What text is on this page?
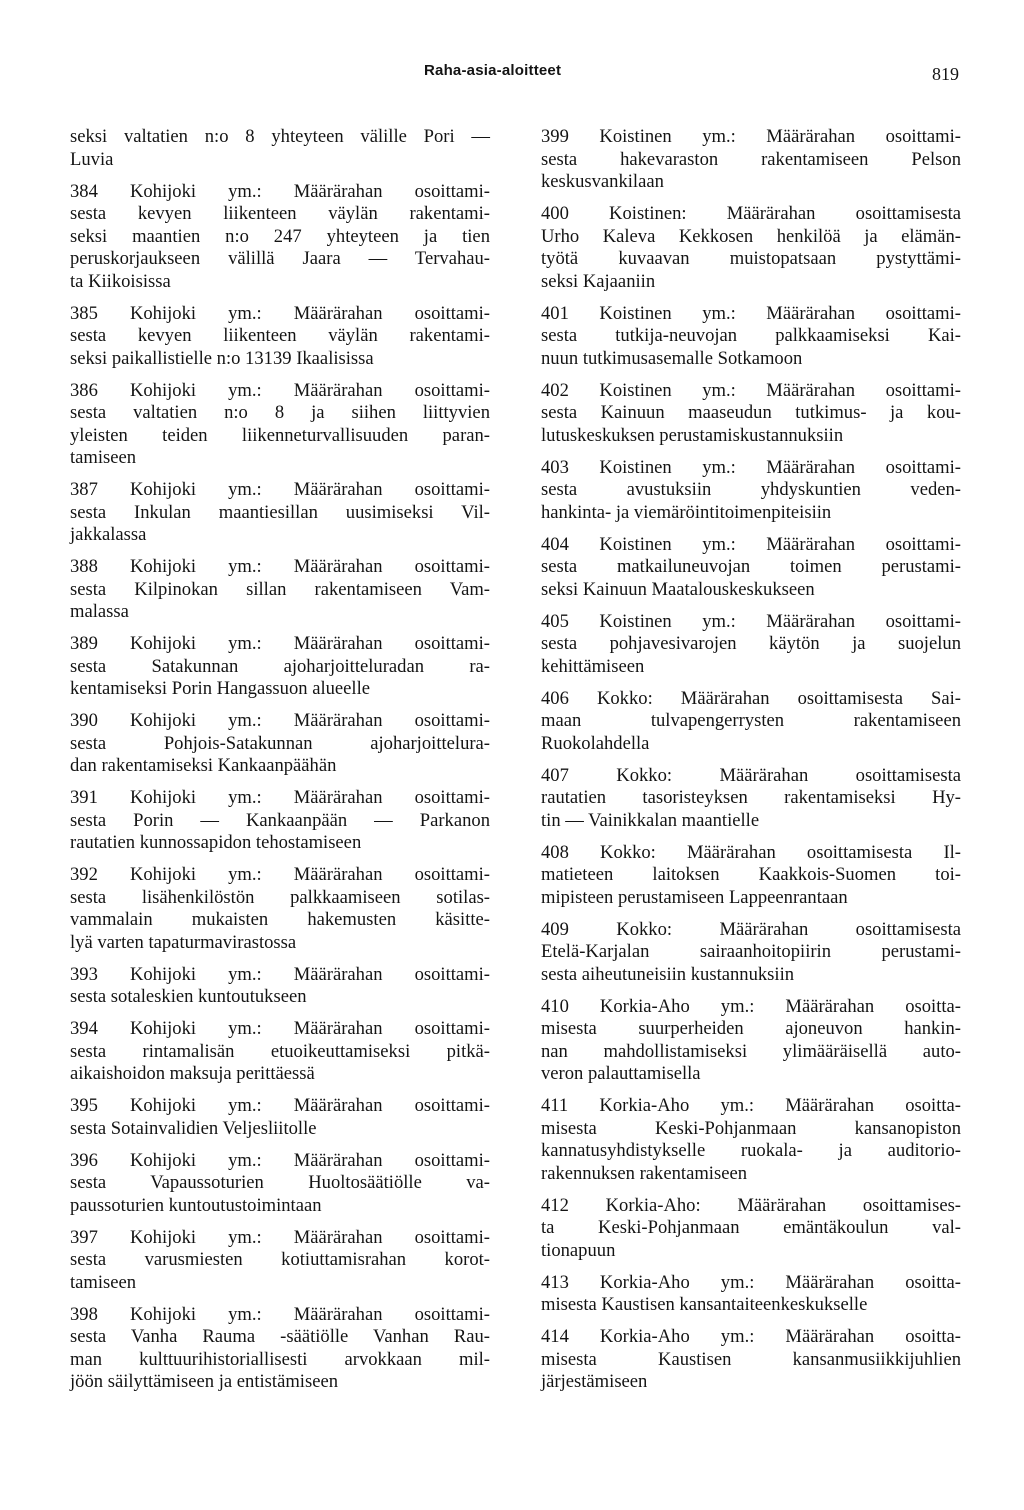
Raha-asia-aloitteet	819
seksi valtatien n:o 8 yhteyteen välille Pori —
Luvia
384 Kohijoki ym.: Määrärahan osoittami-
sesta kevyen liikenteen väylän rakentami-
seksi maantien n:o 247 yhteyteen ja tien
peruskorjaukseen välillä Jaara — Tervahau-
ta Kiikoisissa
385 Kohijoki ym.: Määrärahan osoittami-
sesta kevyen liikenteen väylän rakentami-
seksi paikallistielle n:o 13139 Ikaalisissa
386 Kohijoki ym.: Määrärahan osoittami-
sesta valtatien n:o 8 ja siihen liittyvien
yleisten teiden liikenneturvallisuuden paran-
tamiseen
387 Kohijoki ym.: Määrärahan osoittami-
sesta Inkulan maantiesillan uusimiseksi Vil-
jakkalassa
388 Kohijoki ym.: Määrärahan osoittami-
sesta Kilpinokan sillan rakentamiseen Vam-
malassa
389 Kohijoki ym.: Määrärahan osoittami-
sesta Satakunnan ajoharjoitteluradan ra-
kentamiseksi Porin Hangassuon alueelle
390 Kohijoki ym.: Määrärahan osoittami-
sesta Pohjois-Satakunnan ajoharjoittelura-
dan rakentamiseksi Kankaanpäähän
391 Kohijoki ym.: Määrärahan osoittami-
sesta Porin — Kankaanpään — Parkanon
rautatien kunnossapidon tehostamiseen
392 Kohijoki ym.: Määrärahan osoittami-
sesta lisähenkilöstön palkkaamiseen sotilas-
vammalain mukaisten hakemusten käsitte-
lyä varten tapaturmavirastossa
393 Kohijoki ym.: Määrärahan osoittami-
sesta sotaleskien kuntoutukseen
394 Kohijoki ym.: Määrärahan osoittami-
sesta rintamalisän etuoikeuttamiseksi pitkä-
aikaishoidon maksuja perittäessä
395 Kohijoki ym.: Määrärahan osoittami-
sesta Sotainvalidien Veljesliitolle
396 Kohijoki ym.: Määrärahan osoittami-
sesta Vapaussoturien Huoltosäätiölle va-
paussoturien kuntoutustoimintaan
397 Kohijoki ym.: Määrärahan osoittami-
sesta varusmiesten kotiuttamisrahan korot-
tamiseen
398 Kohijoki ym.: Määrärahan osoittami-
sesta Vanha Rauma -säätiölle Vanhan Rau-
man kulttuurihistoriallisesti arvokkaan mil-
jöön säilyttämiseen ja entistämiseen
399 Koistinen ym.: Määrärahan osoittami-
sesta hakevaraston rakentamiseen Pelson
keskusvankilaan
400 Koistinen: Määrärahan osoittamisesta
Urho Kaleva Kekkosen henkilöä ja elämän-
työtä kuvaavan muistopatsaan pystyttämi-
seksi Kajaaniin
401 Koistinen ym.: Määrärahan osoittami-
sesta tutkija-neuvojan palkkaamiseksi Kai-
nuun tutkimusasemalle Sotkamoon
402 Koistinen ym.: Määrärahan osoittami-
sesta Kainuun maaseudun tutkimus- ja kou-
lutuskeskuksen perustamiskustannuksiin
403 Koistinen ym.: Määrärahan osoittami-
sesta avustuksiin yhdyskuntien veden-
hankinta- ja viemäröintitoimenpiteisiin
404 Koistinen ym.: Määrärahan osoittami-
sesta matkailuneuvojan toimen perustami-
seksi Kainuun Maatalouskeskukseen
405 Koistinen ym.: Määrärahan osoittami-
sesta pohjavesivarojen käytön ja suojelun
kehittämiseen
406 Kokko: Määrärahan osoittamisesta Sai-
maan tulvapengerrysten rakentamiseen
Ruokolahdella
407 Kokko: Määrärahan osoittamisesta
rautatien tasoristeyksen rakentamiseksi Hy-
tin — Vainikkalan maantielle
408 Kokko: Määrärahan osoittamisesta Il-
matieteen laitoksen Kaakkois-Suomen toi-
mipisteen perustamiseen Lappeenrantaan
409 Kokko: Määrärahan osoittamisesta
Etelä-Karjalan sairaanhoitopiirin perustami-
sesta aiheutuneisiin kustannuksiin
410 Korkia-Aho ym.: Määrärahan osoitta-
misesta suurperheiden ajoneuvon hankin-
nan mahdollistamiseksi ylimääräisellä auto-
veron palauttamisella
411 Korkia-Aho ym.: Määrärahan osoitta-
misesta Keski-Pohjanmaan kansanopiston
kannatusyhdistykselle ruokala- ja auditorio-
rakennuksen rakentamiseen
412 Korkia-Aho: Määrärahan osoittamises-
ta Keski-Pohjanmaan emäntäkoulun val-
tionapuun
413 Korkia-Aho ym.: Määrärahan osoitta-
misesta Kaustisen kansantaiteenkeskukselle
414 Korkia-Aho ym.: Määrärahan osoitta-
misesta Kaustisen kansanmusiikkijuhlien
järjestämiseen
